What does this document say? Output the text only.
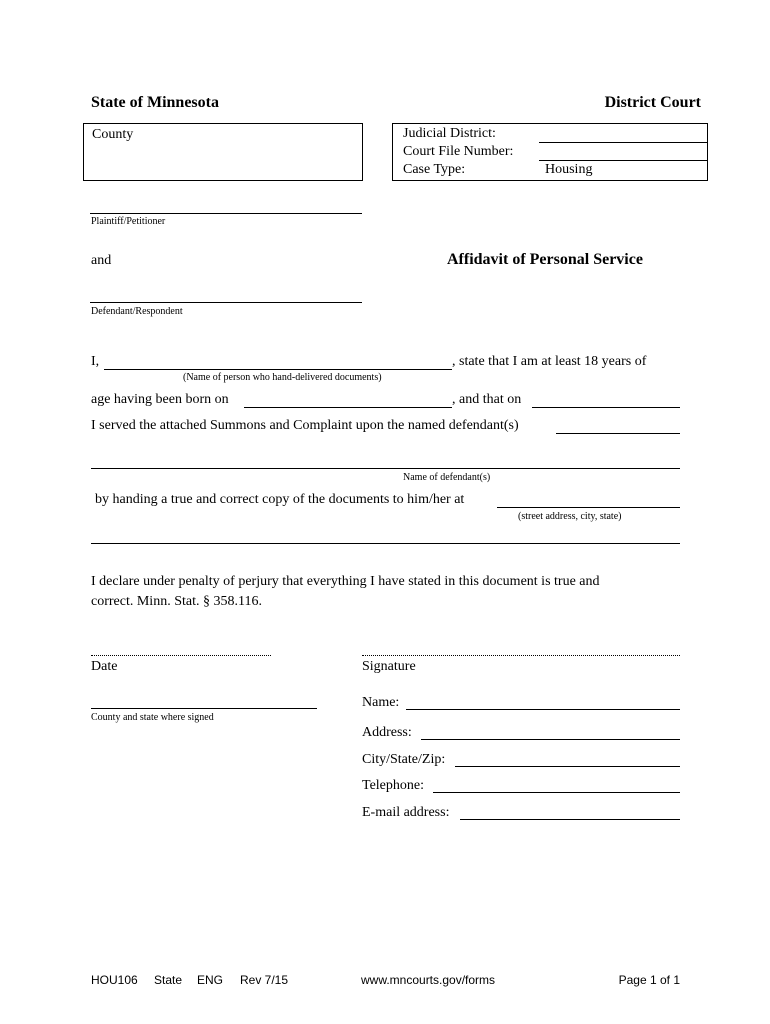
State of Minnesota	District Court
County	Judicial District:
Court File Number:
Case Type:	Housing
Plaintiff/Petitioner
and	Affidavit of Personal Service
Defendant/Respondent
I,	, state that I am at least 18 years of
(Name of person who hand-delivered documents)
age having been born on	, and that on
I served the attached Summons and Complaint upon the named defendant(s)
Name of defendant(s)
by handing a true and correct copy of the documents to him/her at
(street address, city, state)
I declare under penalty of perjury that everything I have stated in this document is true and
correct. Minn. Stat. § 358.116.
Date	Signature
County and state where signed
Name:
Address:
City/State/Zip:
Telephone:
E-mail address:
HOU106 State ENG Rev 7/15	www.mncourts.gov/forms	Page 1 of 1
